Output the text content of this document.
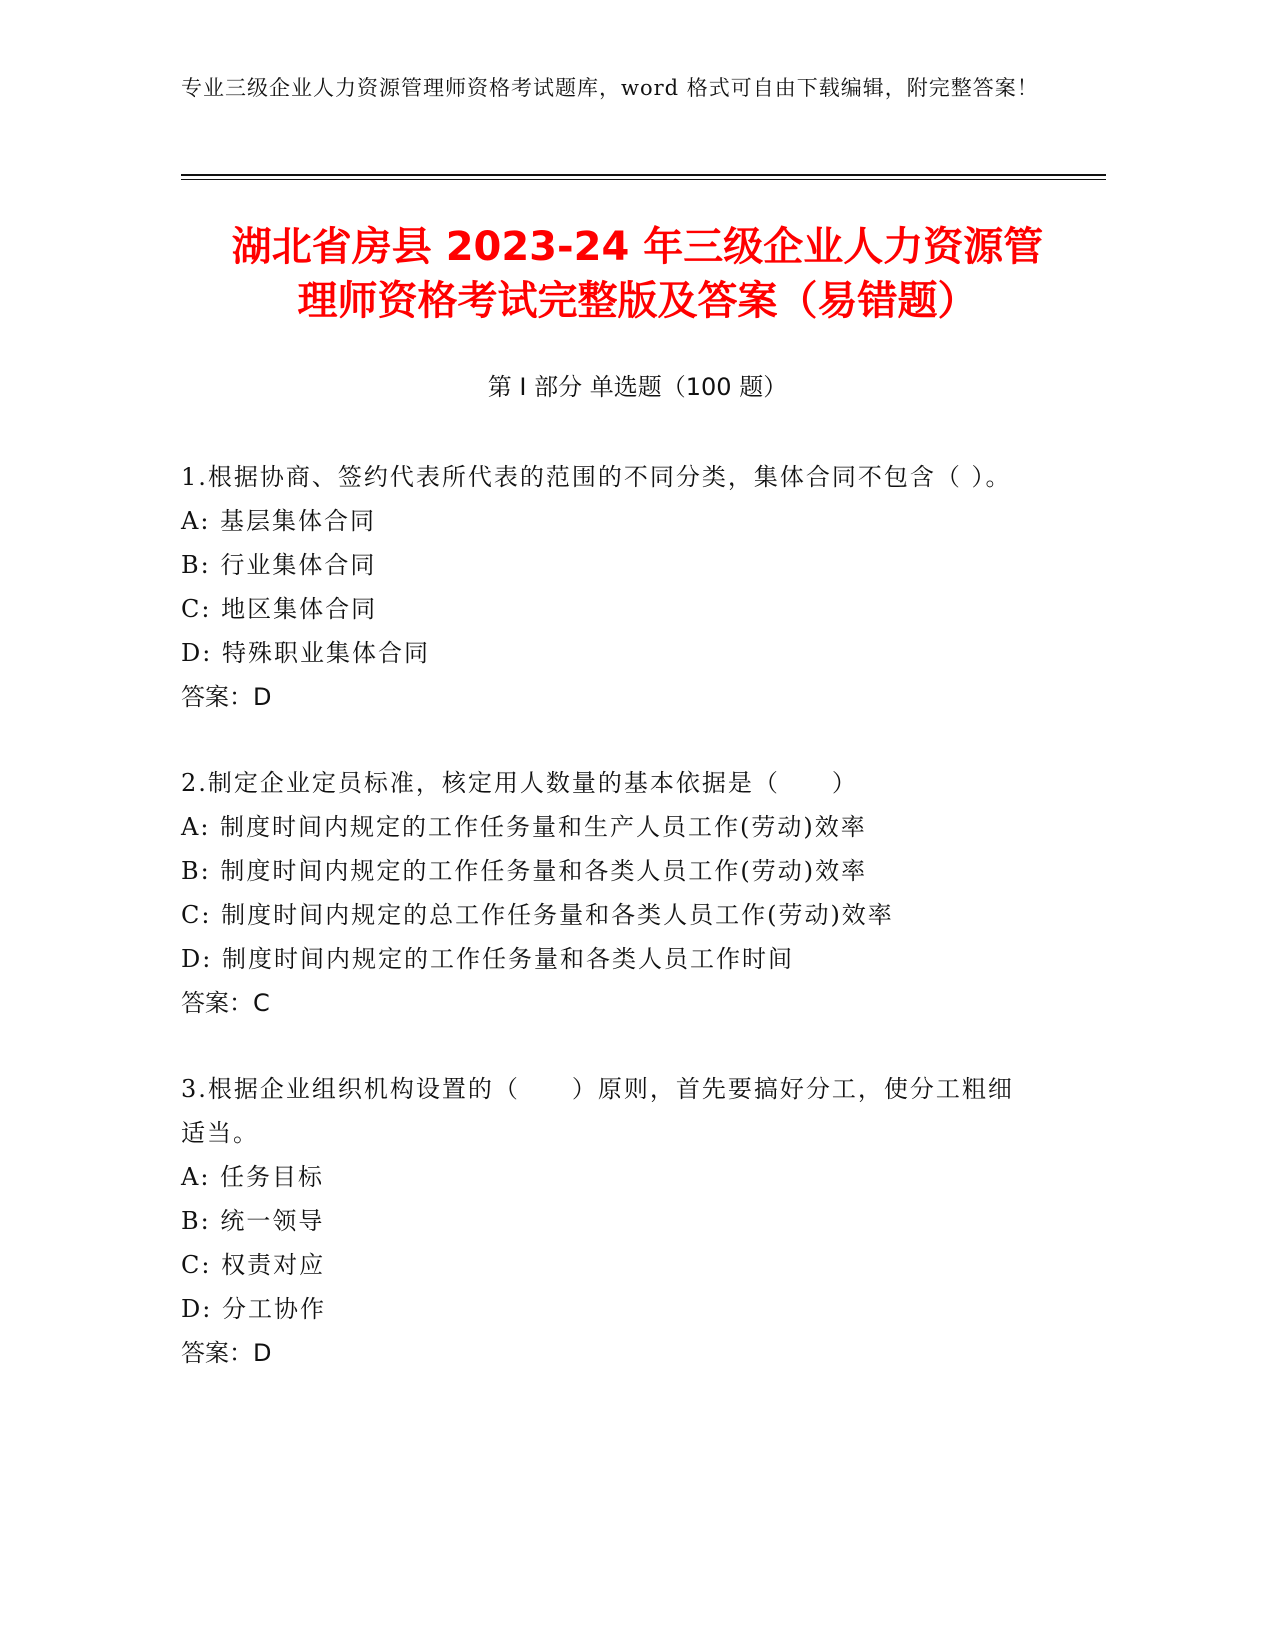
专业三级企业人力资源管理师资格考试题库，word 格式可自由下载编辑，附完整答案！
湖北省房县 2023-24 年三级企业人力资源管
理师资格考试完整版及答案（易错题）
第 I 部分 单选题（100 题）
1.根据协商、签约代表所代表的范围的不同分类，集体合同不包含（ ）。
A: 基层集体合同
B: 行业集体合同
C: 地区集体合同
D: 特殊职业集体合同
答案：D
2.制定企业定员标准，核定用人数量的基本依据是（　　）
A: 制度时间内规定的工作任务量和生产人员工作(劳动)效率
B: 制度时间内规定的工作任务量和各类人员工作(劳动)效率
C: 制度时间内规定的总工作任务量和各类人员工作(劳动)效率
D: 制度时间内规定的工作任务量和各类人员工作时间
答案：C
3.根据企业组织机构设置的（　　）原则，首先要搞好分工，使分工粗细适当。
A: 任务目标
B: 统一领导
C: 权责对应
D: 分工协作
答案：D
